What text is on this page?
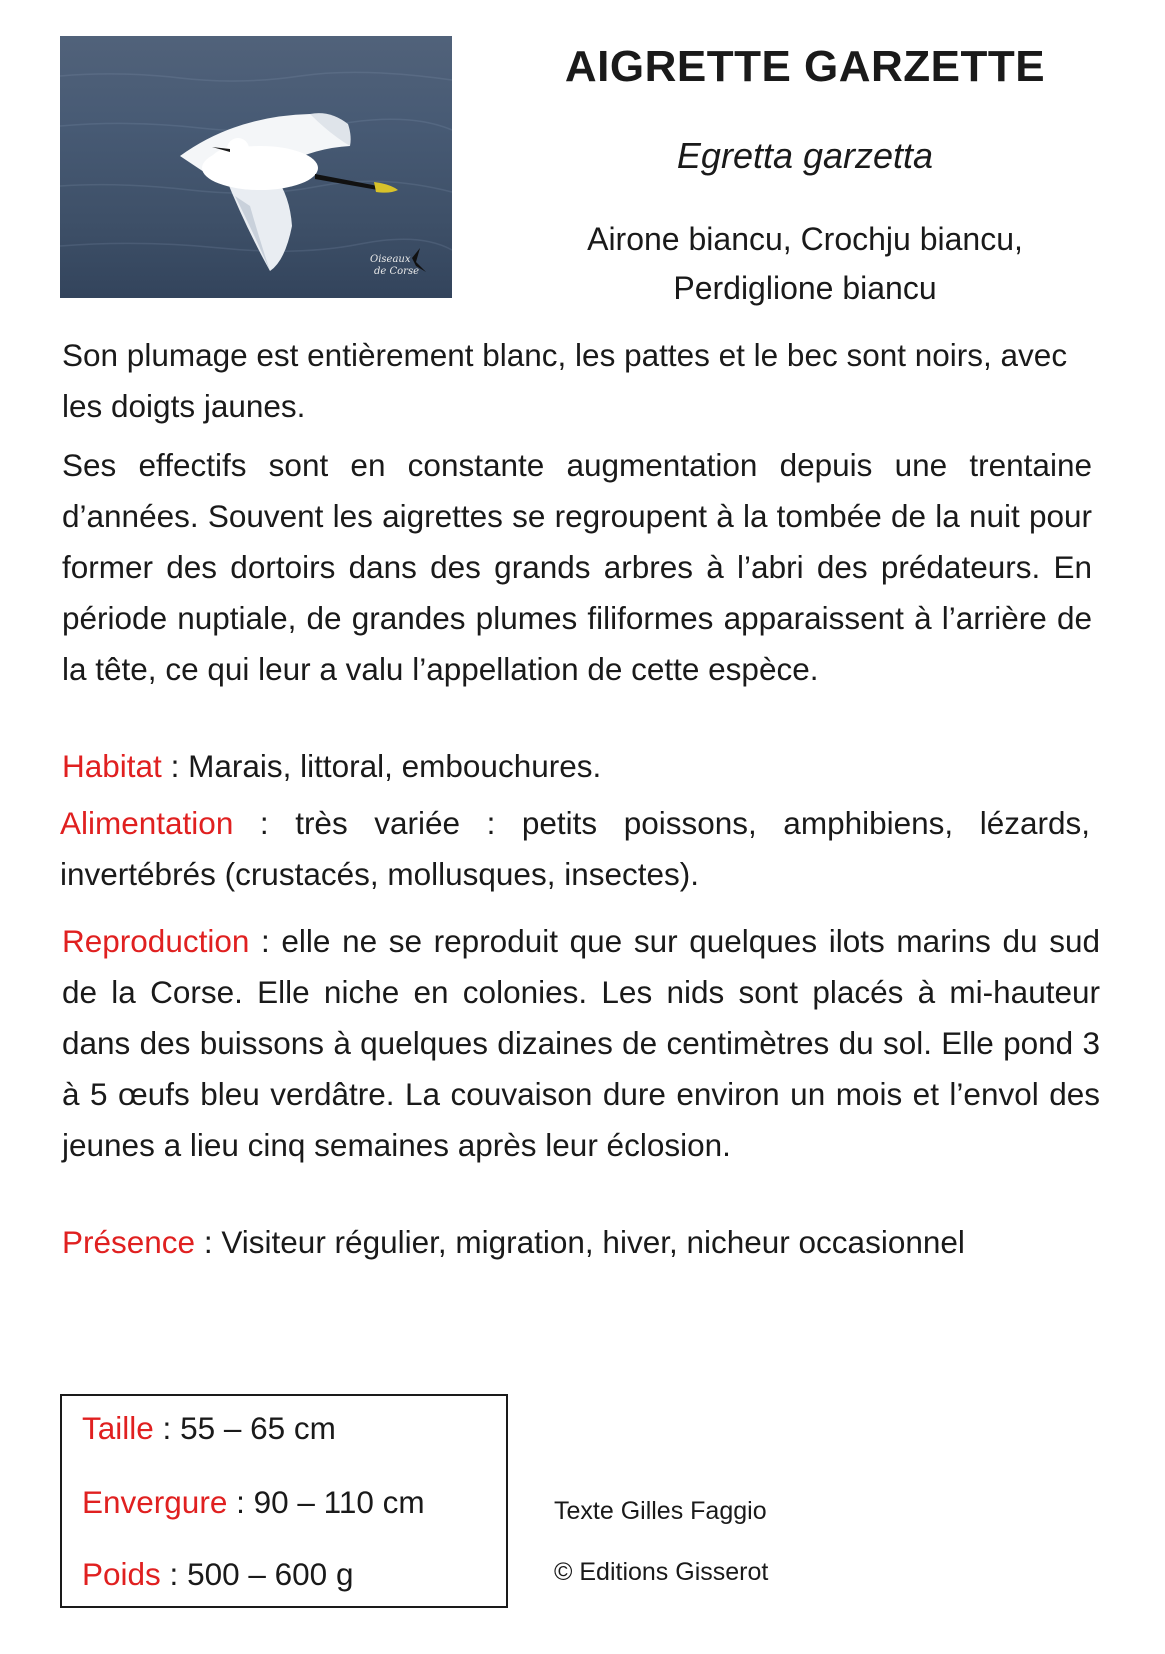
Oiseaux
de Corse
AIGRETTE GARZETTE
Egretta garzetta
Airone biancu, Crochju biancu,
Perdiglione biancu

Son plumage est entièrement blanc, les pattes et le bec sont noirs, avec les doigts jaunes.

Ses effectifs sont en constante augmentation depuis une trentaine d’années. Souvent les aigrettes se regroupent à la tombée de la nuit pour former des dortoirs dans des grands arbres à l’abri des prédateurs. En période nuptiale, de grandes plumes filiformes apparaissent à l’arrière de la tête, ce qui leur a valu l’appellation de cette espèce.

Habitat : Marais, littoral, embouchures.

Alimentation : très variée : petits poissons, amphibiens, lézards, invertébrés (crustacés, mollusques, insectes).

Reproduction : elle ne se reproduit que sur quelques ilots marins du sud de la Corse. Elle niche en colonies. Les nids sont placés à mi-hauteur dans des buissons à quelques dizaines de centimètres du sol. Elle pond 3 à 5 œufs bleu verdâtre. La couvaison dure environ un mois et l’envol des jeunes a lieu cinq semaines après leur éclosion.

Présence : Visiteur régulier, migration, hiver, nicheur occasionnel

Taille : 55 – 65 cm
Envergure : 90 – 110 cm
Poids : 500 – 600 g
Texte Gilles Faggio
© Editions Gisserot
